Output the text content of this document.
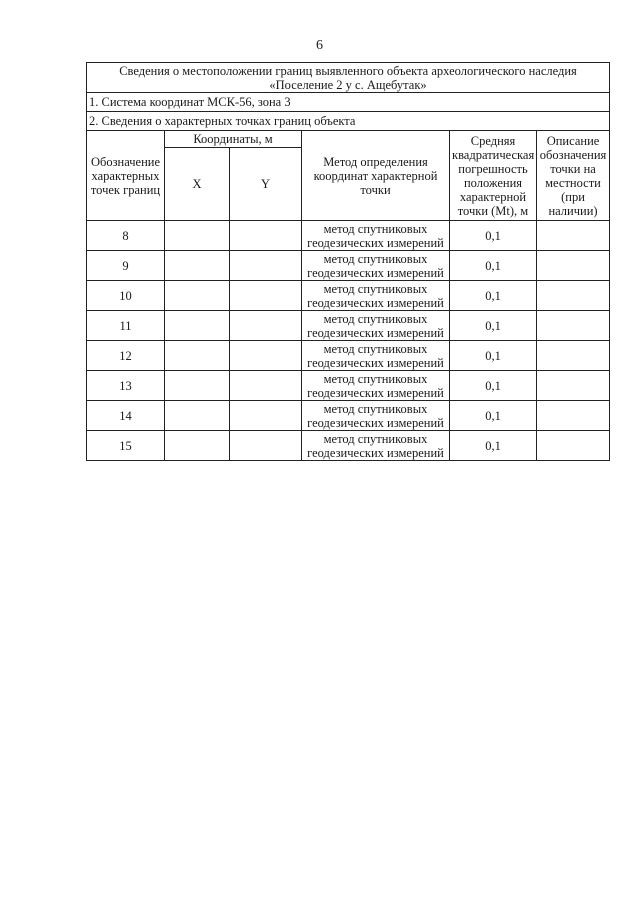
6
Сведения о местоположении границ выявленного объекта археологического наследия
«Поселение 2 у с. Ащебутак»					

1. Система координат МСК-56, зона 3					
2. Сведения о характерных точках границ объекта					
Обозначение характерных точек границ	Координаты, м		Метод определения координат характерной точки	Средняя квадратическая погрешность положения характерной точки (Mt), м	Описание обозначения точки на местности (при наличии)
	X	Y			
8			метод спутниковых геодезических измерений	0,1	
9			метод спутниковых геодезических измерений	0,1	
10			метод спутниковых геодезических измерений	0,1	
11			метод спутниковых геодезических измерений	0,1	
12			метод спутниковых геодезических измерений	0,1	
13			метод спутниковых геодезических измерений	0,1	
14			метод спутниковых геодезических измерений	0,1	
15			метод спутниковых геодезических измерений	0,1	
